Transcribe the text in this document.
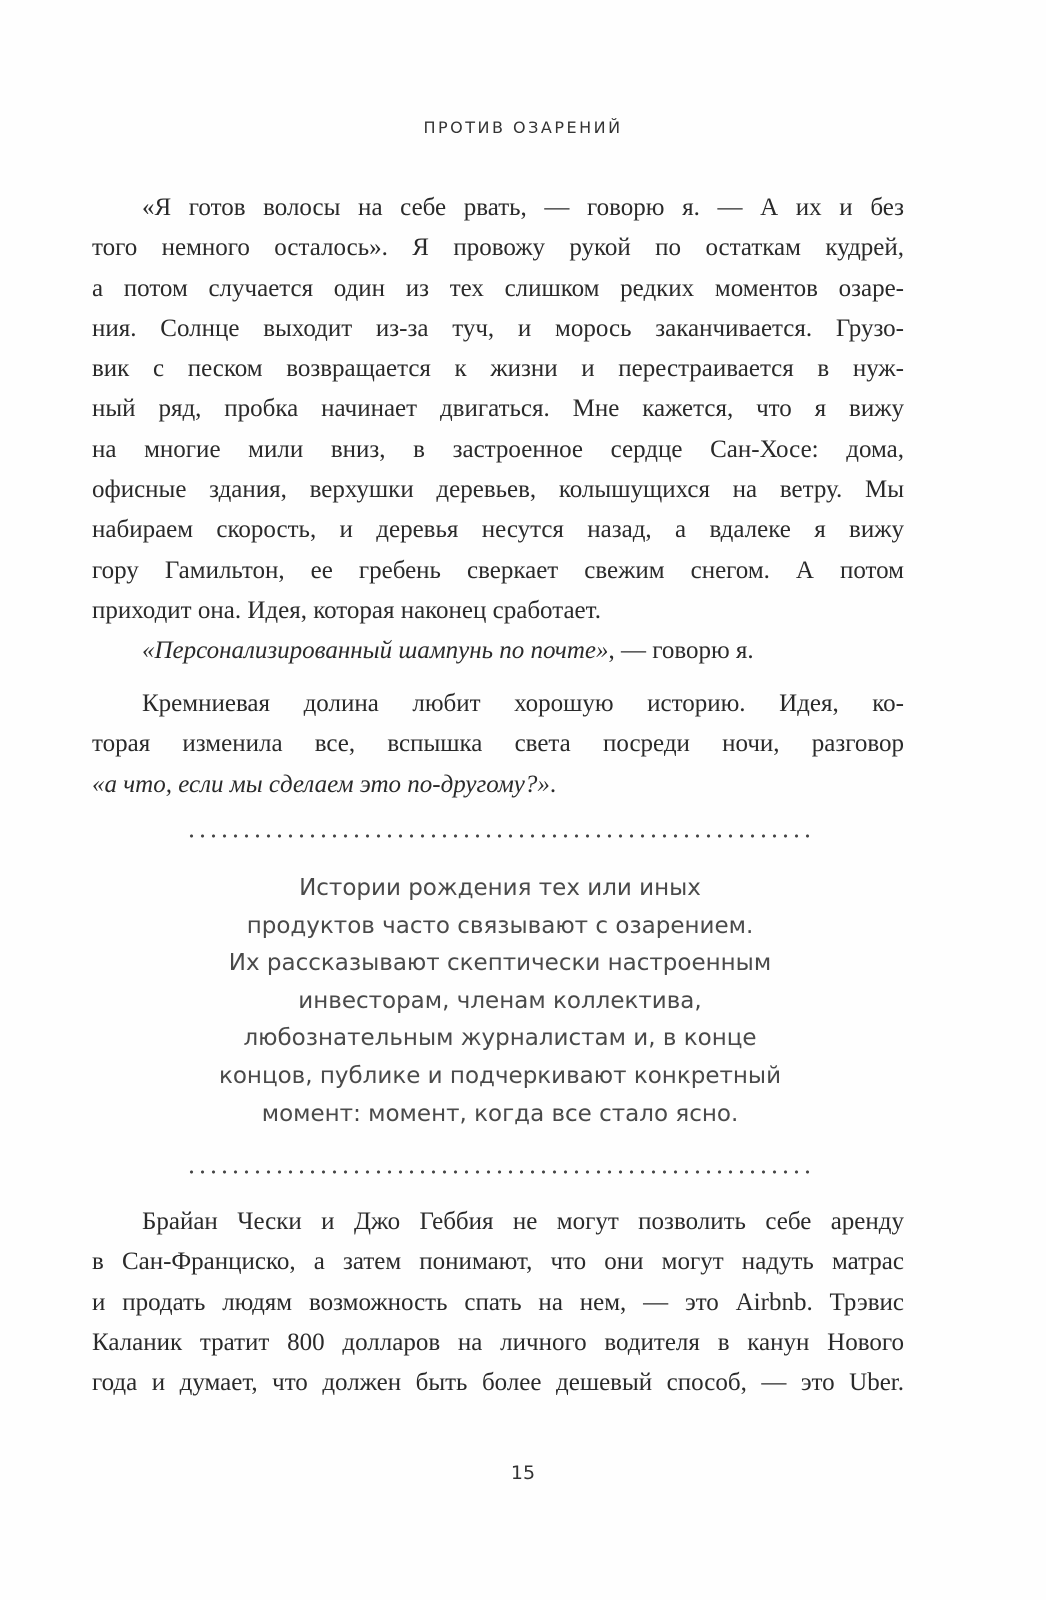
ПРОТИВ ОЗАРЕНИЙ
«Я готов волосы на себе рвать, — говорю я. — А их и без
того немного осталось». Я провожу рукой по остаткам кудрей,
а потом случается один из тех слишком редких моментов озаре-
ния. Солнце выходит из-за туч, и морось заканчивается. Грузо-
вик с песком возвращается к жизни и перестраивается в нуж-
ный ряд, пробка начинает двигаться. Мне кажется, что я вижу
на многие мили вниз, в застроенное сердце Сан-Хосе: дома,
офисные здания, верхушки деревьев, колышущихся на ветру. Мы
набираем скорость, и деревья несутся назад, а вдалеке я вижу
гору Гамильтон, ее гребень сверкает свежим снегом. А потом
приходит она. Идея, которая наконец сработает.
«Персонализированный шампунь по почте», — говорю я.
Кремниевая долина любит хорошую историю. Идея, ко-
торая изменила все, вспышка света посреди ночи, разговор
«а что, если мы сделаем это по-другому?».
Истории рождения тех или иных
продуктов часто связывают с озарением.
Их рассказывают скептически настроенным
инвесторам, членам коллектива,
любознательным журналистам и, в конце
концов, публике и подчеркивают конкретный
момент: момент, когда все стало ясно.
Брайан Чески и Джо Геббия не могут позволить себе аренду
в Сан-Франциско, а затем понимают, что они могут надуть матрас
и продать людям возможность спать на нем, — это Airbnb. Трэвис
Каланик тратит 800 долларов на личного водителя в канун Нового
года и думает, что должен быть более дешевый способ, — это Uber.
15
